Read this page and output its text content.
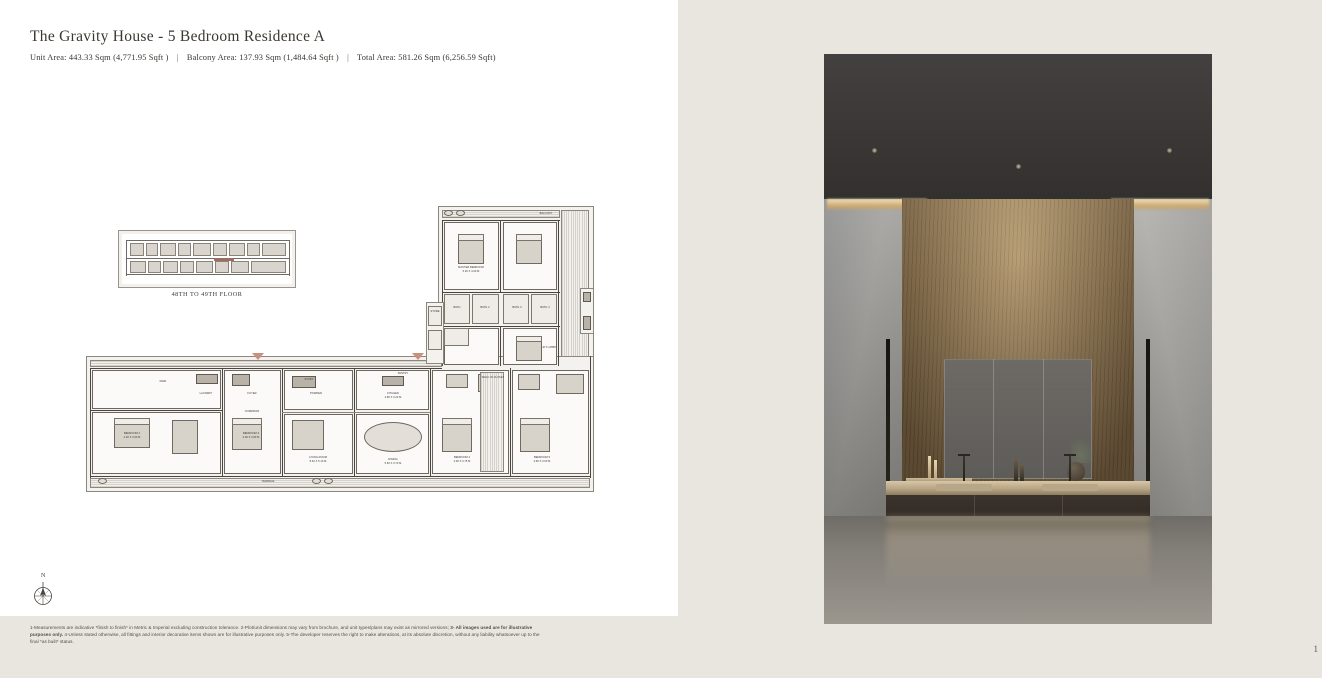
The Gravity House - 5 Bedroom Residence A
Unit Area: 443.33 Sqm (4,771.95 Sqft ) | Balcony Area: 137.93 Sqm (1,484.64 Sqft ) | Total Area: 581.26 Sqm (6,256.59 Sqft)
48TH TO 49TH FLOOR
BEDROOM 2
4.20 X 3.90 M
BEDROOM 3
4.00 X 3.80 M
BEDROOM 4
4.00 X 3.75 M
BEDROOM 5
3.90 X 3.60 M
MASTER BEDROOM
5.20 X 4.60 M
LIVING ROOM
8.40 X 5.10 M
DINING
5.60 X 3.70 M
KITCHEN
4.80 X 3.20 M
FOYER	POWDER
LAUNDRY
MAID
WALK-IN CLOSET
BALCONY
TERRACE
STORE
BATH	BATH 2	BATH 3	BATH 4
STUDY
CORRIDOR
LIFT LOBBY
PANTRY
N
1-Measurements are indicative *finish to finish* in Metric & Imperial excluding construction tolerance. 2-Plot/unit dimensions may vary from brochure, and unit types/plans may exist as mirrored versions; 3- All images used are for illustrative purposes only. 4-Unless stated otherwise, all fittings and interior decorative items shown are for illustrative purposes only. 5-The developer reserves the right to make alterations, at its absolute discretion, without any liability whatsoever up to the final *as built* status.
1
